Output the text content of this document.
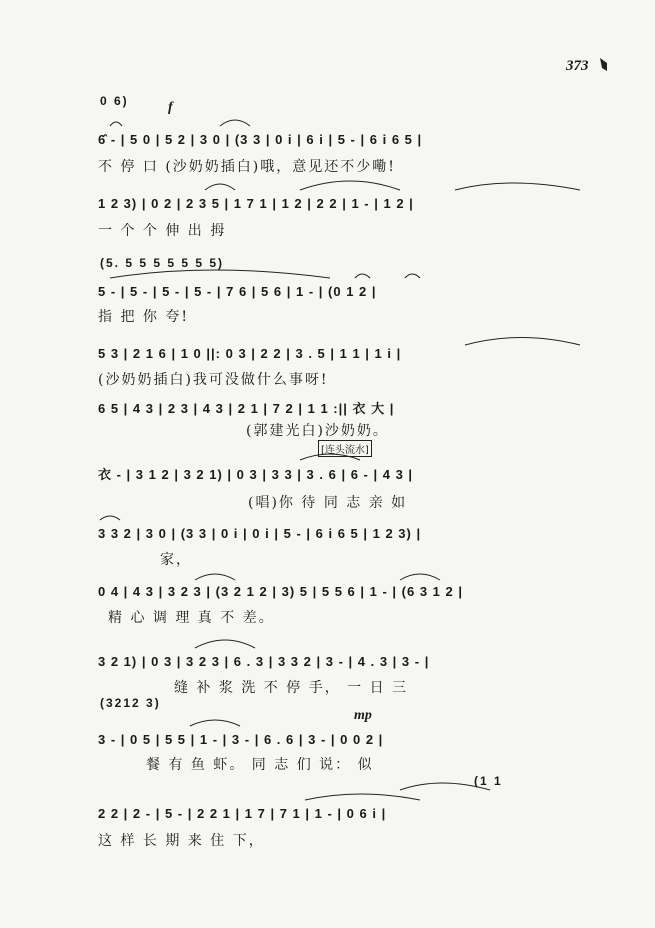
373
0 6)	f
6̂ - | 5 0 | 5 2 | 3 0 | (3 3 | 0 i | 6 i | 5 - | 6 i 6 5 |
不 停 口 (沙奶奶插白)哦，意见还不少嘞!
1 2 3) | 0 2 | 2 3 5 | 1 7 1 | 1 2 | 2 2 | 1 - | 1 2 |
一 个 个 伸 出 拇
(5. 5 5 5 5 5 5 5)
5 - | 5 - | 5 - | 5 - | 7 6 | 5 6 | 1 - | (0 1 2 |
指 把 你 夸!
5 3 | 2 1 6 | 1 0 ||: 0 3 | 2 2 | 3 . 5 | 1 1 | 1 i |
(沙奶奶插白)我可没做什么事呀!
6 5 | 4 3 | 2 3 | 4 3 | 2 1 | 7 2 | 1 1 :|| 衣 大 |
(郭建光白)沙奶奶。
[连头流水]
衣 - | 3 1 2 | 3 2 1) | 0 3 | 3 3 | 3 . 6 | 6 - | 4 3 |
(唱)你 待 同 志 亲 如
3 3 2 | 3 0 | (3 3 | 0 i | 0 i | 5 - | 6 i 6 5 | 1 2 3) |
家，
0 4 | 4 3 | 3 2 3 | (3 2 1 2 | 3) 5 | 5 5 6 | 1 - | (6 3 1 2 |
精 心 调 理 真 不 差。
3 2 1) | 0 3 | 3 2 3 | 6 . 3 | 3 3 2 | 3 - | 4 . 3 | 3 - |
缝 补 浆 洗 不 停 手， 一 日 三
(3212 3)
mp
3 - | 0 5 | 5 5 | 1 - | 3 - | 6 . 6 | 3 - | 0 0 2 |
餐 有 鱼 虾。 同 志 们 说： 似
(1 1
2 2 | 2 - | 5 - | 2 2 1 | 1 7 | 7 1 | 1 - | 0 6 i |
这 样 长 期 来 住 下，
